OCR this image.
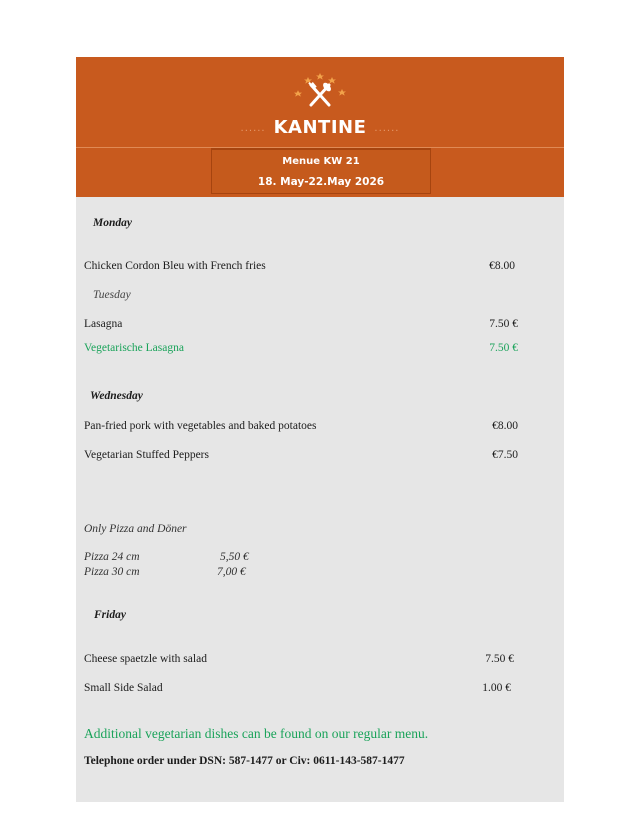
...... KANTINE ......
Menue KW 21
18. May-22.May 2026
Monday
Chicken Cordon Bleu with French fries	€8.00
Tuesday
Lasagna	7.50 €
Vegetarische Lasagna	7.50 €
Wednesday
Pan-fried pork with vegetables and baked potatoes	€8.00
Vegetarian Stuffed Peppers	€7.50
Only Pizza and Döner
Pizza 24 cm	5,50 €
Pizza 30 cm	7,00 €
Friday
Cheese spaetzle with salad	7.50 €
Small Side Salad	1.00 €
Additional vegetarian dishes can be found on our regular menu.
Telephone order under DSN: 587-1477 or Civ: 0611-143-587-1477
